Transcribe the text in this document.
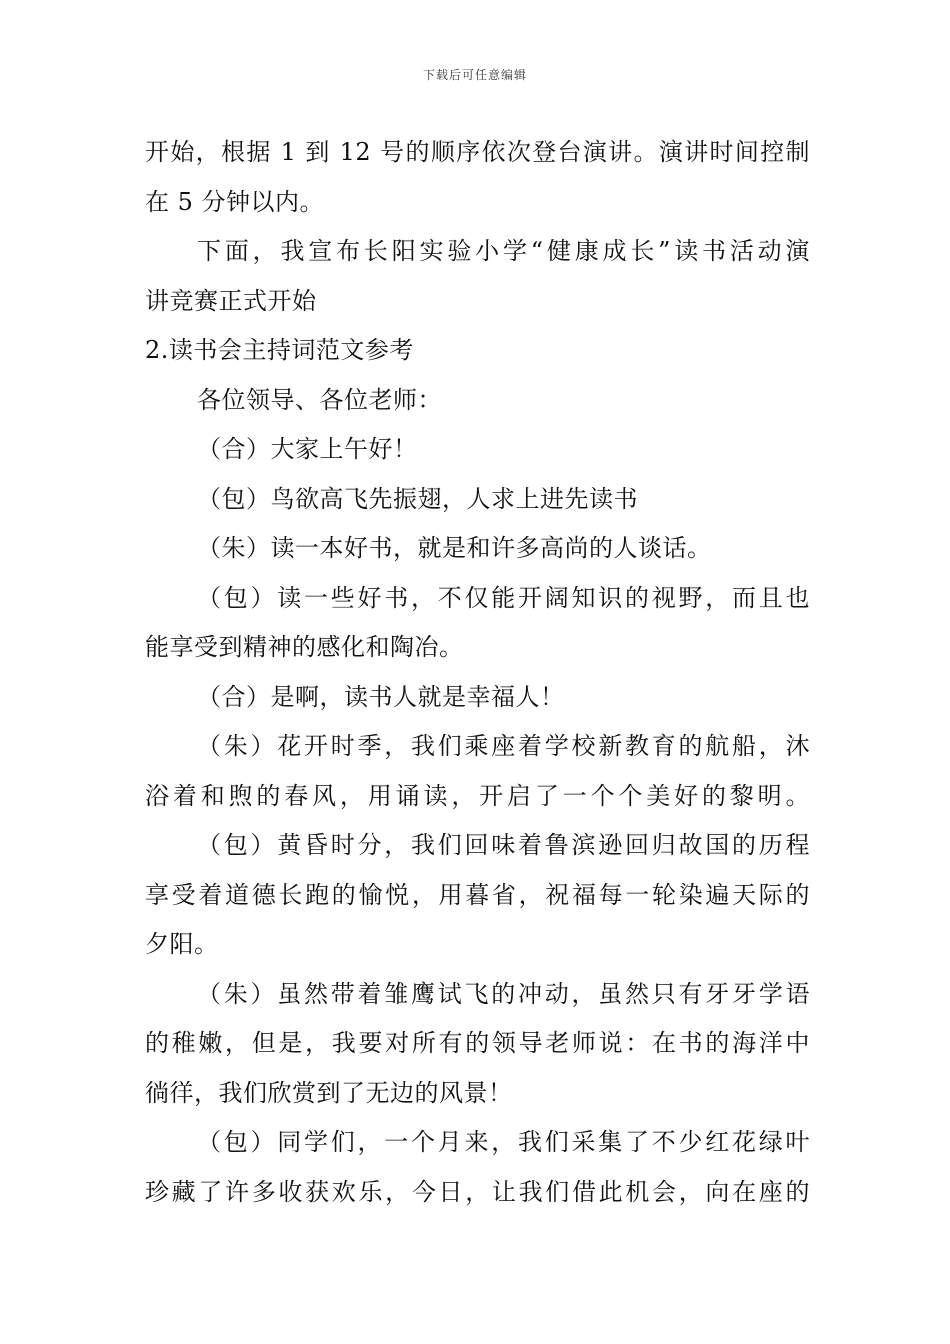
下载后可任意编辑
开始，根据 1 到 12 号的顺序依次登台演讲。演讲时间控制
在 5 分钟以内。
下面，我宣布长阳实验小学“健康成长”读书活动演
讲竞赛正式开始
2.读书会主持词范文参考
各位领导、各位老师：
（合）大家上午好！
（包）鸟欲高飞先振翅，人求上进先读书
（朱）读一本好书，就是和许多高尚的人谈话。
（包）读一些好书，不仅能开阔知识的视野，而且也
能享受到精神的感化和陶冶。
（合）是啊，读书人就是幸福人！
（朱）花开时季，我们乘座着学校新教育的航船，沐
浴着和煦的春风，用诵读，开启了一个个美好的黎明。
（包）黄昏时分，我们回味着鲁滨逊回归故国的历程
享受着道德长跑的愉悦，用暮省，祝福每一轮染遍天际的
夕阳。
（朱）虽然带着雏鹰试飞的冲动，虽然只有牙牙学语
的稚嫩，但是，我要对所有的领导老师说：在书的海洋中
徜徉，我们欣赏到了无边的风景！
（包）同学们，一个月来，我们采集了不少红花绿叶
珍藏了许多收获欢乐，今日，让我们借此机会，向在座的
